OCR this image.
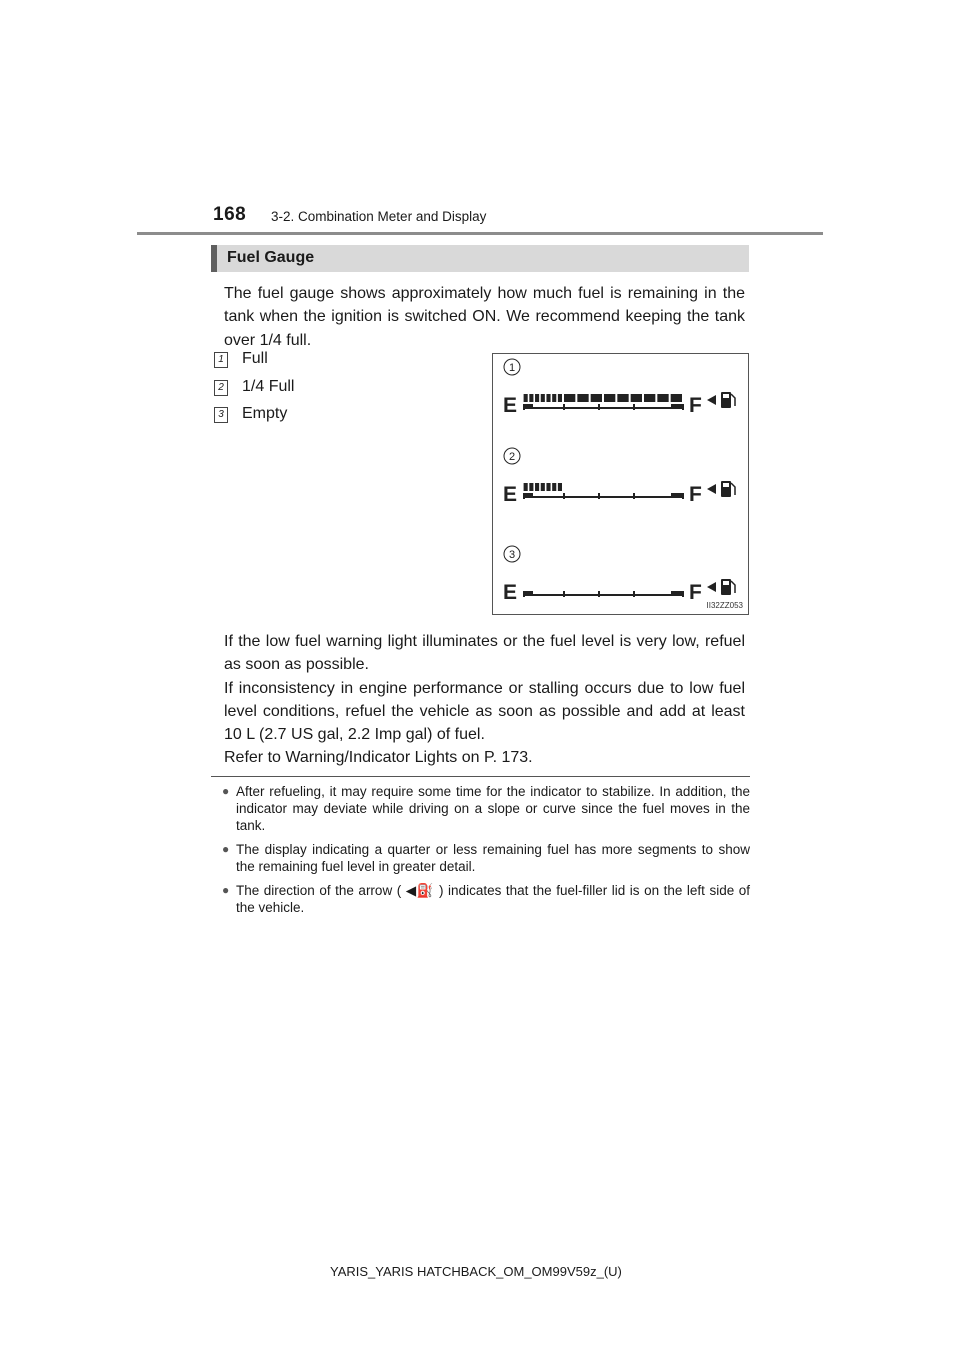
168 3-2. Combination Meter and Display
Fuel Gauge
The fuel gauge shows approximately how much fuel is remaining in the tank when the ignition is switched ON. We recommend keeping the tank over 1/4 full.
1 Full
2 1/4 Full
3 Empty
1
E	F
2
E	F
3
E	F
II32ZZ053

If the low fuel warning light illuminates or the fuel level is very low, refuel as soon as possible.

If inconsistency in engine performance or stalling occurs due to low fuel level conditions, refuel the vehicle as soon as possible and add at least 10 L (2.7 US gal, 2.2 Imp gal) of fuel.

Refer to Warning/Indicator Lights on P. 173.

● After refueling, it may require some time for the indicator to stabilize. In addition, the indicator may deviate while driving on a slope or curve since the fuel moves in the tank.
● The display indicating a quarter or less remaining fuel has more segments to show the remaining fuel level in greater detail.
● The direction of the arrow ( ◀⛽ ) indicates that the fuel-filler lid is on the left side of the vehicle.
YARIS_YARIS HATCHBACK_OM_OM99V59z_(U)
